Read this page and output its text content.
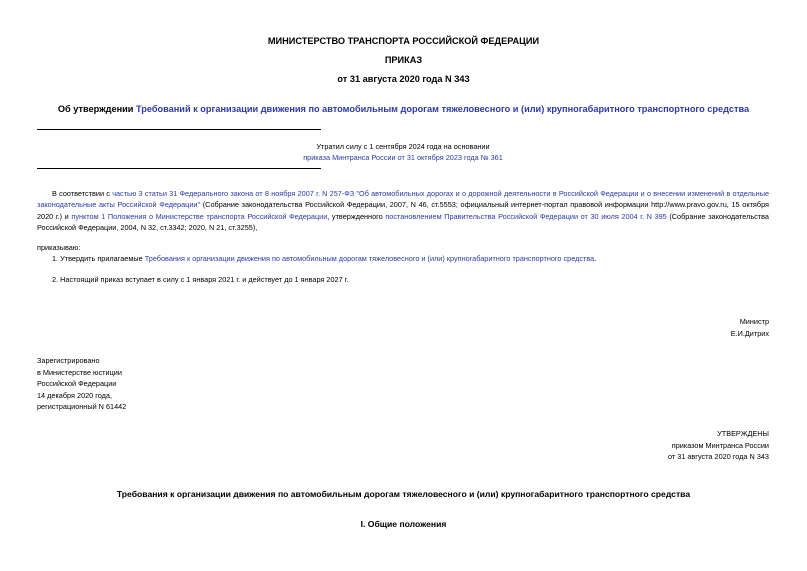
МИНИСТЕРСТВО ТРАНСПОРТА РОССИЙСКОЙ ФЕДЕРАЦИИ
ПРИКАЗ
от 31 августа 2020 года N 343
Об утверждении Требований к организации движения по автомобильным дорогам тяжеловесного и (или) крупногабаритного транспортного средства
Утратил силу с 1 сентября 2024 года на основании
приказа Минтранса России от 31 октября 2023 года № 361
В соответствии с частью 3 статьи 31 Федерального закона от 8 ноября 2007 г. N 257-ФЗ "Об автомобильных дорогах и о дорожной деятельности в Российской Федерации и о внесении изменений в отдельные законодательные акты Российской Федерации" (Собрание законодательства Российской Федерации, 2007, N 46, ст.5553; официальный интернет-портал правовой информации http://www.pravo.gov.ru, 15 октября 2020 г.) и пунктом 1 Положения о Министерстве транспорта Российской Федерации, утвержденного постановлением Правительства Российской Федерации от 30 июля 2004 г. N 395 (Собрание законодательства Российской Федерации, 2004, N 32, ст.3342; 2020, N 21, ст.3255),
приказываю:
1. Утвердить прилагаемые Требования к организации движения по автомобильным дорогам тяжеловесного и (или) крупногабаритного транспортного средства.
2. Настоящий приказ вступает в силу с 1 января 2021 г. и действует до 1 января 2027 г.
Министр
Е.И.Дитрих
Зарегистрировано
в Министерстве юстиции
Российской Федерации
14 декабря 2020 года,
регистрационный N 61442
УТВЕРЖДЕНЫ
приказом Минтранса России
от 31 августа 2020 года N 343
Требования к организации движения по автомобильным дорогам тяжеловесного и (или) крупногабаритного транспортного средства
I. Общие положения
